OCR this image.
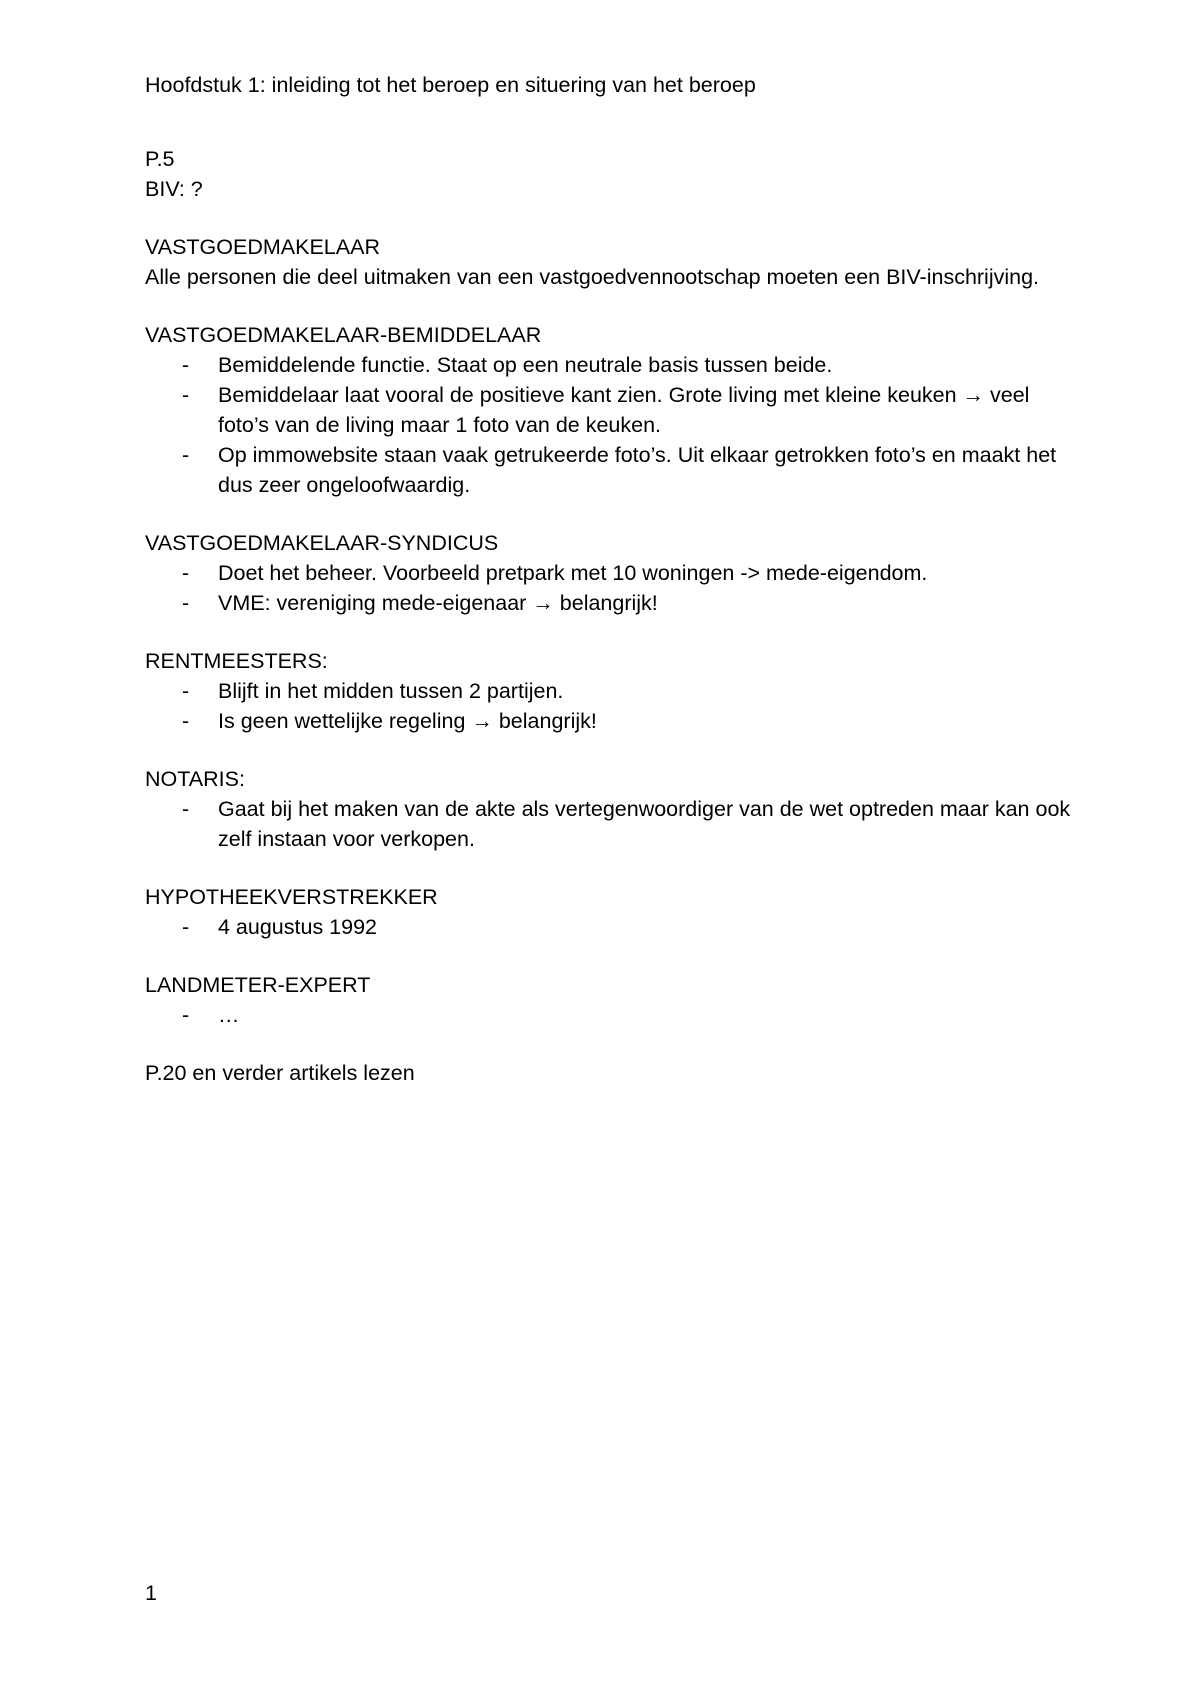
Hoofdstuk 1: inleiding tot het beroep en situering van het beroep

P.5

BIV: ?

VASTGOEDMAKELAAR

Alle personen die deel uitmaken van een vastgoedvennootschap moeten een BIV-inschrijving.

VASTGOEDMAKELAAR-BEMIDDELAAR

- Bemiddelende functie. Staat op een neutrale basis tussen beide.
- Bemiddelaar laat vooral de positieve kant zien. Grote living met kleine keuken → veel foto’s van de living maar 1 foto van de keuken.
- Op immowebsite staan vaak getrukeerde foto’s. Uit elkaar getrokken foto’s en maakt het dus zeer ongeloofwaardig.

VASTGOEDMAKELAAR-SYNDICUS

- Doet het beheer. Voorbeeld pretpark met 10 woningen -> mede-eigendom.
- VME: vereniging mede-eigenaar → belangrijk!

RENTMEESTERS:

- Blijft in het midden tussen 2 partijen.
- Is geen wettelijke regeling → belangrijk!

NOTARIS:

- Gaat bij het maken van de akte als vertegenwoordiger van de wet optreden maar kan ook zelf instaan voor verkopen.

HYPOTHEEKVERSTREKKER

- 4 augustus 1992

LANDMETER-EXPERT

- …

P.20 en verder artikels lezen

1
